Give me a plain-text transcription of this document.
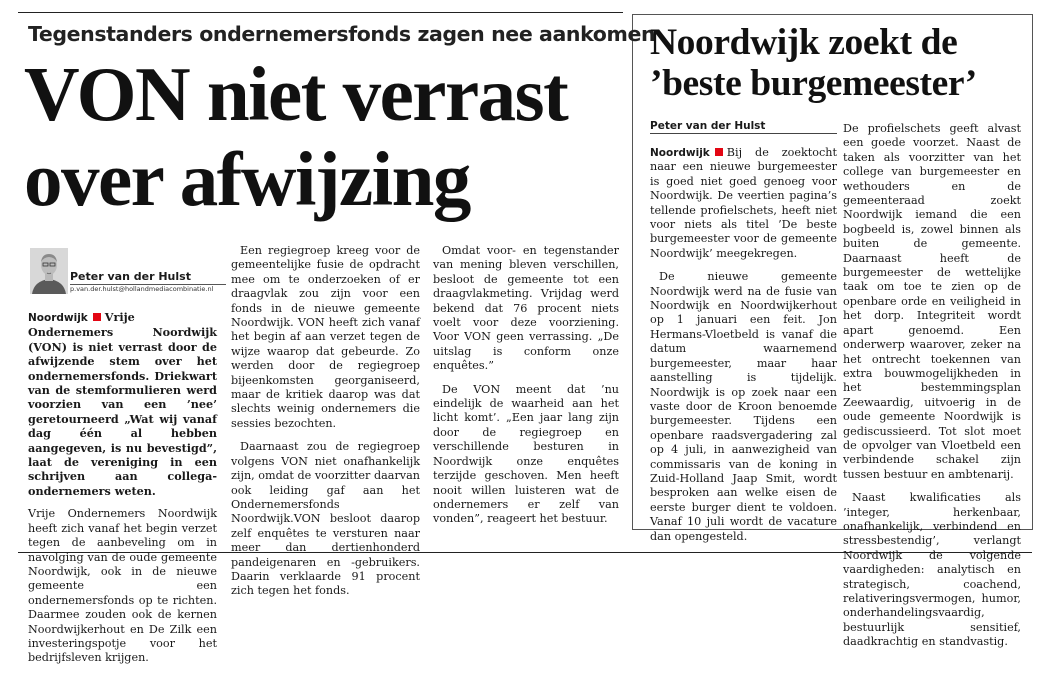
Tegenstanders ondernemersfonds zagen nee aankomen
VON niet verrast over afwijzing
Peter van der Hulst
p.van.der.hulst@hollandmediacombinatie.nl

Noordwijk Vrije Ondernemers Noordwijk (VON) is niet verrast door de afwijzende stem over het ondernemersfonds. Driekwart van de stemformulieren werd voorzien van een ’nee’ geretourneerd „Wat wij vanaf dag één al hebben aangegeven, is nu bevestigd”, laat de vereniging in een schrijven aan collega-ondernemers weten.

Vrije Ondernemers Noordwijk heeft zich vanaf het begin verzet tegen de aanbeveling om in navolging van de oude gemeente Noordwijk, ook in de nieuwe gemeente een ondernemersfonds op te richten. Daarmee zouden ook de kernen Noordwijkerhout en De Zilk een investeringspotje voor het bedrijfsleven krijgen.

Een regiegroep kreeg voor de gemeentelijke fusie de opdracht mee om te onderzoeken of er draagvlak zou zijn voor een fonds in de nieuwe gemeente Noordwijk. VON heeft zich vanaf het begin af aan verzet tegen de wijze waarop dat gebeurde. Zo werden door de regiegroep bijeenkomsten georganiseerd, maar de kritiek daarop was dat slechts weinig ondernemers die sessies bezochten.

Daarnaast zou de regiegroep volgens VON niet onafhankelijk zijn, omdat de voorzitter daarvan ook leiding gaf aan het Ondernemersfonds Noordwijk.VON besloot daarop zelf enquêtes te versturen naar meer dan dertienhonderd pandeigenaren en -gebruikers. Daarin verklaarde 91 procent zich tegen het fonds.

Omdat voor- en tegenstander van mening bleven verschillen, besloot de gemeente tot een draagvlakmeting. Vrijdag werd bekend dat 76 procent niets voelt voor deze voorziening. Voor VON geen verrassing. „De uitslag is conform onze enquêtes.”

De VON meent dat ’nu eindelijk de waarheid aan het licht komt’. „Een jaar lang zijn door de regiegroep en verschillende besturen in Noordwijk onze enquêtes terzijde geschoven. Men heeft nooit willen luisteren wat de ondernemers er zelf van vonden”, reageert het bestuur.

Noordwijk zoekt de ’beste burgemeester’
Peter van der Hulst

Noordwijk Bij de zoektocht naar een nieuwe burgemeester is goed niet goed genoeg voor Noordwijk. De veertien pagina’s tellende profielschets, heeft niet voor niets als titel ’De beste burgemeester voor de gemeente Noordwijk’ meegekregen.

De nieuwe gemeente Noordwijk werd na de fusie van Noordwijk en Noordwijkerhout op 1 januari een feit. Jon Hermans-Vloetbeld is vanaf die datum waarnemend burgemeester, maar haar aanstelling is tijdelijk. Noordwijk is op zoek naar een vaste door de Kroon benoemde burgemeester. Tijdens een openbare raadsvergadering zal op 4 juli, in aanwezigheid van commissaris van de koning in Zuid-Holland Jaap Smit, wordt besproken aan welke eisen de eerste burger dient te voldoen. Vanaf 10 juli wordt de vacature dan opengesteld.

De profielschets geeft alvast een goede voorzet. Naast de taken als voorzitter van het college van burgemeester en wethouders en de gemeenteraad zoekt Noordwijk iemand die een bogbeeld is, zowel binnen als buiten de gemeente. Daarnaast heeft de burgemeester de wettelijke taak om toe te zien op de openbare orde en veiligheid in het dorp. Integriteit wordt apart genoemd. Een onderwerp waarover, zeker na het ontrecht toekennen van extra bouwmogelijkheden in het bestemmingsplan Zeewaardig, uitvoerig in de oude gemeente Noordwijk is gediscussieerd. Tot slot moet de opvolger van Vloetbeld een verbindende schakel zijn tussen bestuur en ambtenarij.

Naast kwalificaties als ’integer, herkenbaar, onafhankelijk, verbindend en stressbestendig’, verlangt Noordwijk de volgende vaardigheden: analytisch en strategisch, coachend, relativeringsvermogen, humor, onderhandelingsvaardig, bestuurlijk sensitief, daadkrachtig en standvastig.
